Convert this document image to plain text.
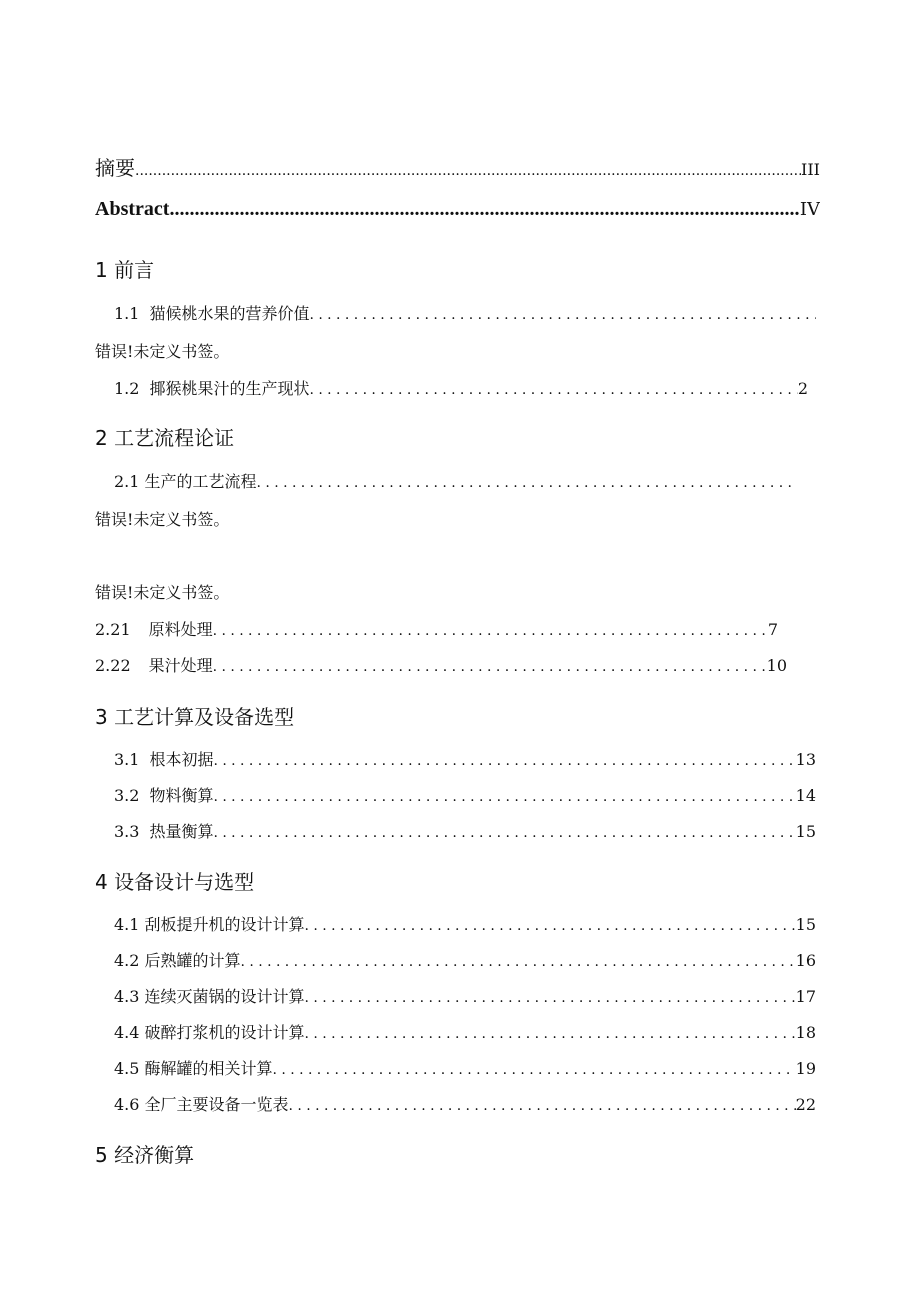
摘要 .....	III
Abstract .....	IV
1 前言
1.1 猫候桃水果的营养价值
.....
错误!未定义书签。
1.2 揶猴桃果汁的生产现状 .....	2
2 工艺流程论证
2.1 生产的工艺流程
.....
错误!未定义书签。
错误!未定义书签。
2.21 原料处理 .....	7
2.22 果汁处理 .....	10
3 工艺计算及设备选型
3.1 根本初据 .....	13
3.2 物料衡算 .....	14
3.3 热量衡算 .....	15
4 设备设计与选型
4.1 刮板提升机的设计计算 .....	15
4.2 后熟罐的计算 .....	16
4.3 连续灭菌锅的设计计算 .....	17
4.4 破醉打浆机的设计计算 .....	18
4.5 酶解罐的相关计算 .....	19
4.6 全厂主要设备一览表 .....	22
5 经济衡算
